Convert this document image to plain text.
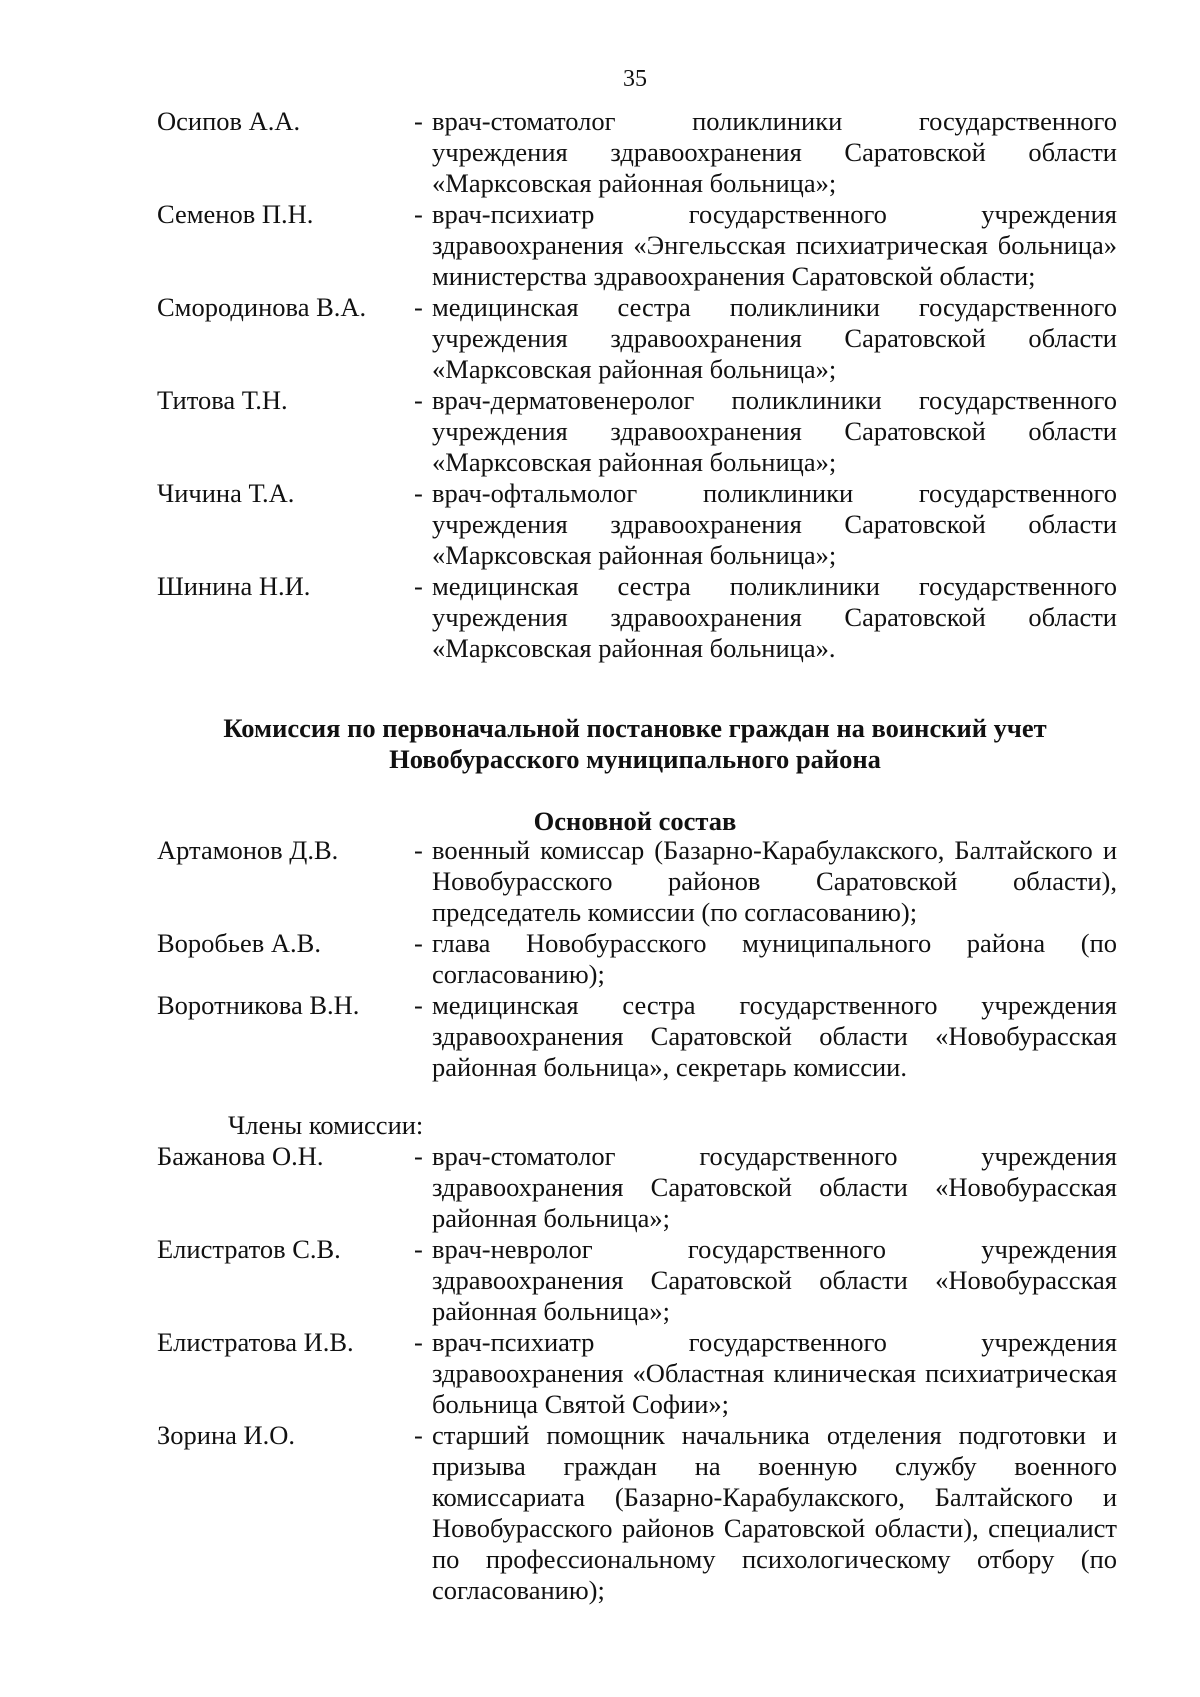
35
Осипов А.А.	- врач-стоматолог поликлиники государственного учреждения здравоохранения Саратовской области «Марксовская районная больница»;
Семенов П.Н.	- врач-психиатр государственного учреждения здравоохранения «Энгельсская психиатрическая больница» министерства здравоохранения Саратовской области;
Смородинова В.А.	- медицинская сестра поликлиники государственного учреждения здравоохранения Саратовской области «Марксовская районная больница»;
Титова Т.Н.	- врач-дерматовенеролог поликлиники государственного учреждения здравоохранения Саратовской области «Марксовская районная больница»;
Чичина Т.А.	- врач-офтальмолог поликлиники государственного учреждения здравоохранения Саратовской области «Марксовская районная больница»;
Шинина Н.И.	- медицинская сестра поликлиники государственного учреждения здравоохранения Саратовской области «Марксовская районная больница».
Комиссия по первоначальной постановке граждан на воинский учет
Новобурасского муниципального района
Основной состав
Артамонов Д.В.	- военный комиссар (Базарно-Карабулакского, Балтайского и Новобурасского районов Саратовской области), председатель комиссии (по согласованию);
Воробьев А.В.	- глава Новобурасского муниципального района (по согласованию);
Воротникова В.Н.	- медицинская сестра государственного учреждения здравоохранения Саратовской области «Новобурасская районная больница», секретарь комиссии.
Члены комиссии:
Бажанова О.Н.	- врач-стоматолог государственного учреждения здравоохранения Саратовской области «Новобурасская районная больница»;
Елистратов С.В.	- врач-невролог государственного учреждения здравоохранения Саратовской области «Новобурасская районная больница»;
Елистратова И.В.	- врач-психиатр государственного учреждения здравоохранения «Областная клиническая психиатрическая больница Святой Софии»;
Зорина И.О.	- старший помощник начальника отделения подготовки и призыва граждан на военную службу военного комиссариата (Базарно-Карабулакского, Балтайского и Новобурасского районов Саратовской области), специалист по профессиональному психологическому отбору (по согласованию);
